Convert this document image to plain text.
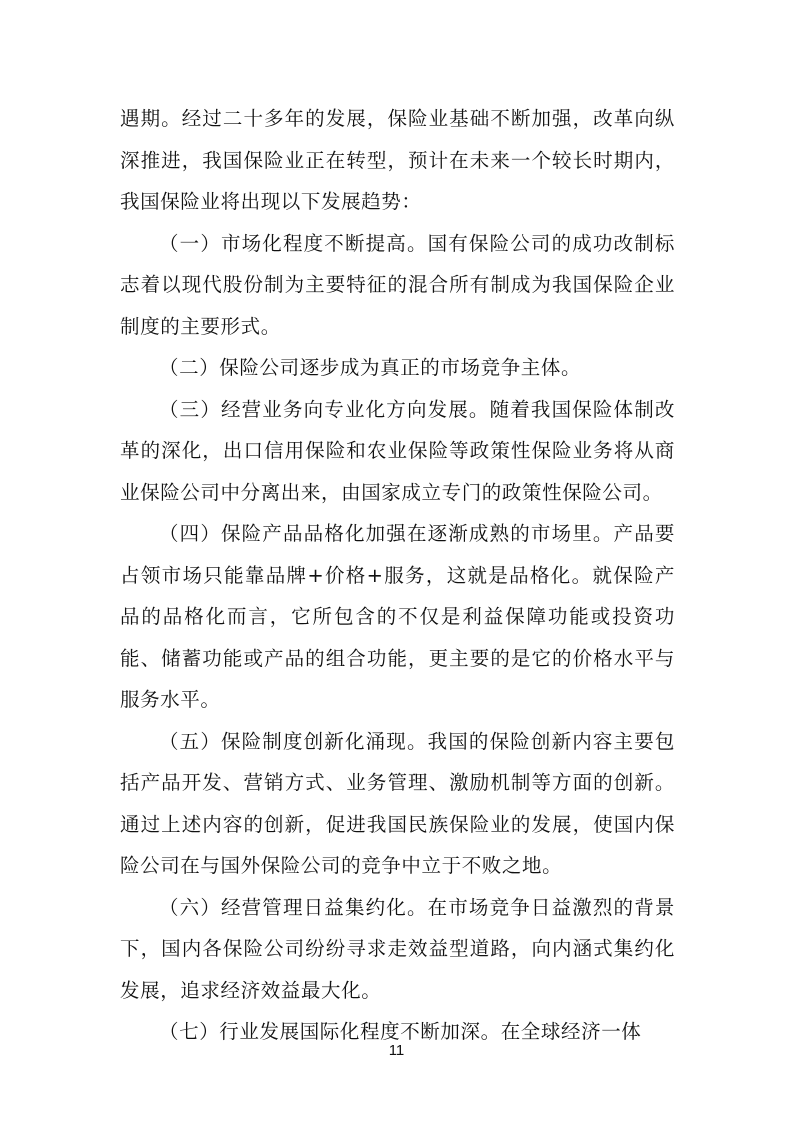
遇期。经过二十多年的发展，保险业基础不断加强，改革向纵深推进，我国保险业正在转型，预计在未来一个较长时期内，我国保险业将出现以下发展趋势：

（一）市场化程度不断提高。国有保险公司的成功改制标志着以现代股份制为主要特征的混合所有制成为我国保险企业制度的主要形式。

（二）保险公司逐步成为真正的市场竞争主体。

（三）经营业务向专业化方向发展。随着我国保险体制改革的深化，出口信用保险和农业保险等政策性保险业务将从商业保险公司中分离出来，由国家成立专门的政策性保险公司。

（四）保险产品品格化加强在逐渐成熟的市场里。产品要占领市场只能靠品牌+价格+服务，这就是品格化。就保险产品的品格化而言，它所包含的不仅是利益保障功能或投资功能、储蓄功能或产品的组合功能，更主要的是它的价格水平与服务水平。

（五）保险制度创新化涌现。我国的保险创新内容主要包括产品开发、营销方式、业务管理、激励机制等方面的创新。通过上述内容的创新，促进我国民族保险业的发展，使国内保险公司在与国外保险公司的竞争中立于不败之地。

（六）经营管理日益集约化。在市场竞争日益激烈的背景下，国内各保险公司纷纷寻求走效益型道路，向内涵式集约化发展，追求经济效益最大化。

（七）行业发展国际化程度不断加深。在全球经济一体

11
